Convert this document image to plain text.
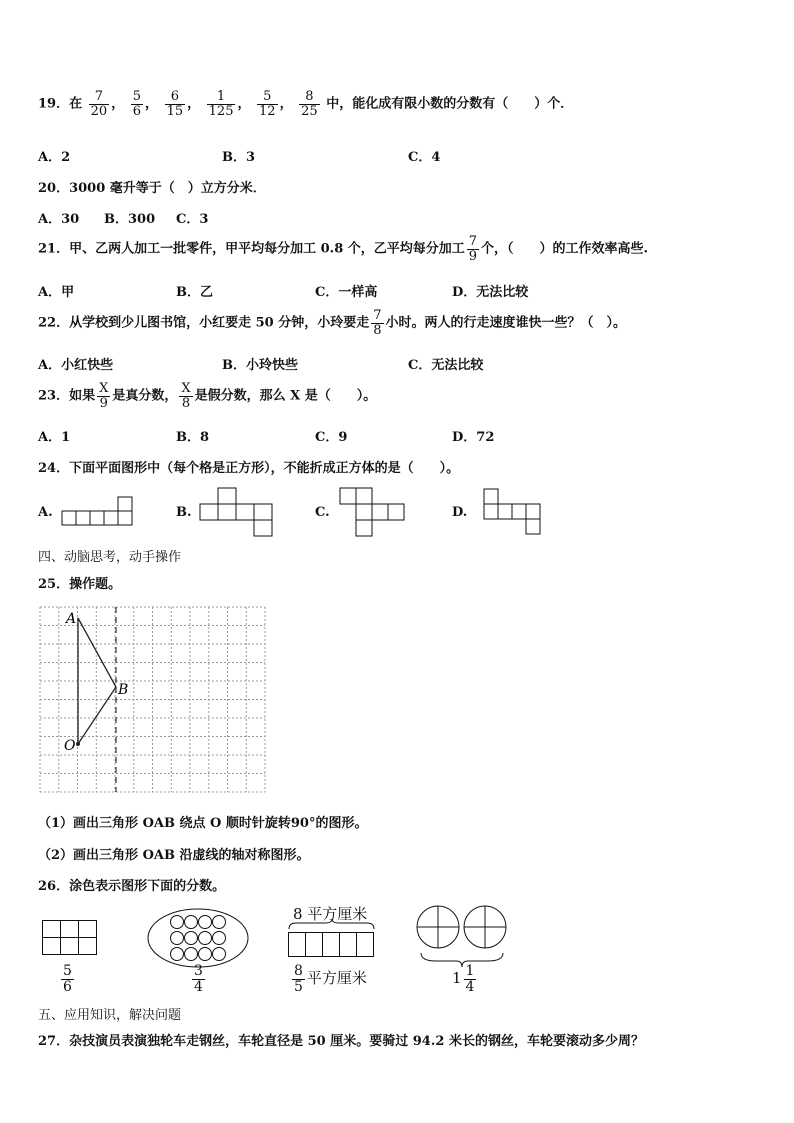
19．在 $\frac{7}{20}$ ， $\frac{5}{6}$ ， $\frac{6}{15}$ ， $\frac{1}{125}$ ， $\frac{5}{12}$ ， $\frac{8}{25}$ 中，能化成有限小数的分数有（　　）个．
A．2	B．3	C．4
20．3000 毫升等于（　）立方分米．
A．30 B．300 C．3
21．甲、乙两人加工一批零件，甲平均每分加工 0.8 个，乙平均每分加工 $\frac{7}{9}$ 个，（　　）的工作效率高些.
A．甲	B．乙	C．一样高	D．无法比较
22．从学校到少儿图书馆，小红要走 50 分钟，小玲要走 $\frac{7}{8}$ 小时。两人的行走速度谁快一些？（　）。
A．小红快些	B．小玲快些	C．无法比较
23．如果 $\frac{X}{9}$ 是真分数， $\frac{X}{8}$ 是假分数，那么 X 是（　　）。
A．1	B．8	C．9	D．72
24．下面平面图形中（每个格是正方形），不能折成正方体的是（　　）。
A.	B.	C.	D.
四、动脑思考，动手操作
25．操作题。
A
B
O
（1）画出三角形 OAB 绕点 O 顺时针旋转90°的图形。
（2）画出三角形 OAB 沿虚线的轴对称图形。
26．涂色表示图形下面的分数。
$\frac{5}{6}$	$\frac{3}{4}$
8 平方厘米
$\frac{8}{5}$ 平方厘米	$1 \frac{1}{4}$
五、应用知识，解决问题
27．杂技演员表演独轮车走钢丝，车轮直径是 50 厘米。要骑过 94.2 米长的钢丝，车轮要滚动多少周？
